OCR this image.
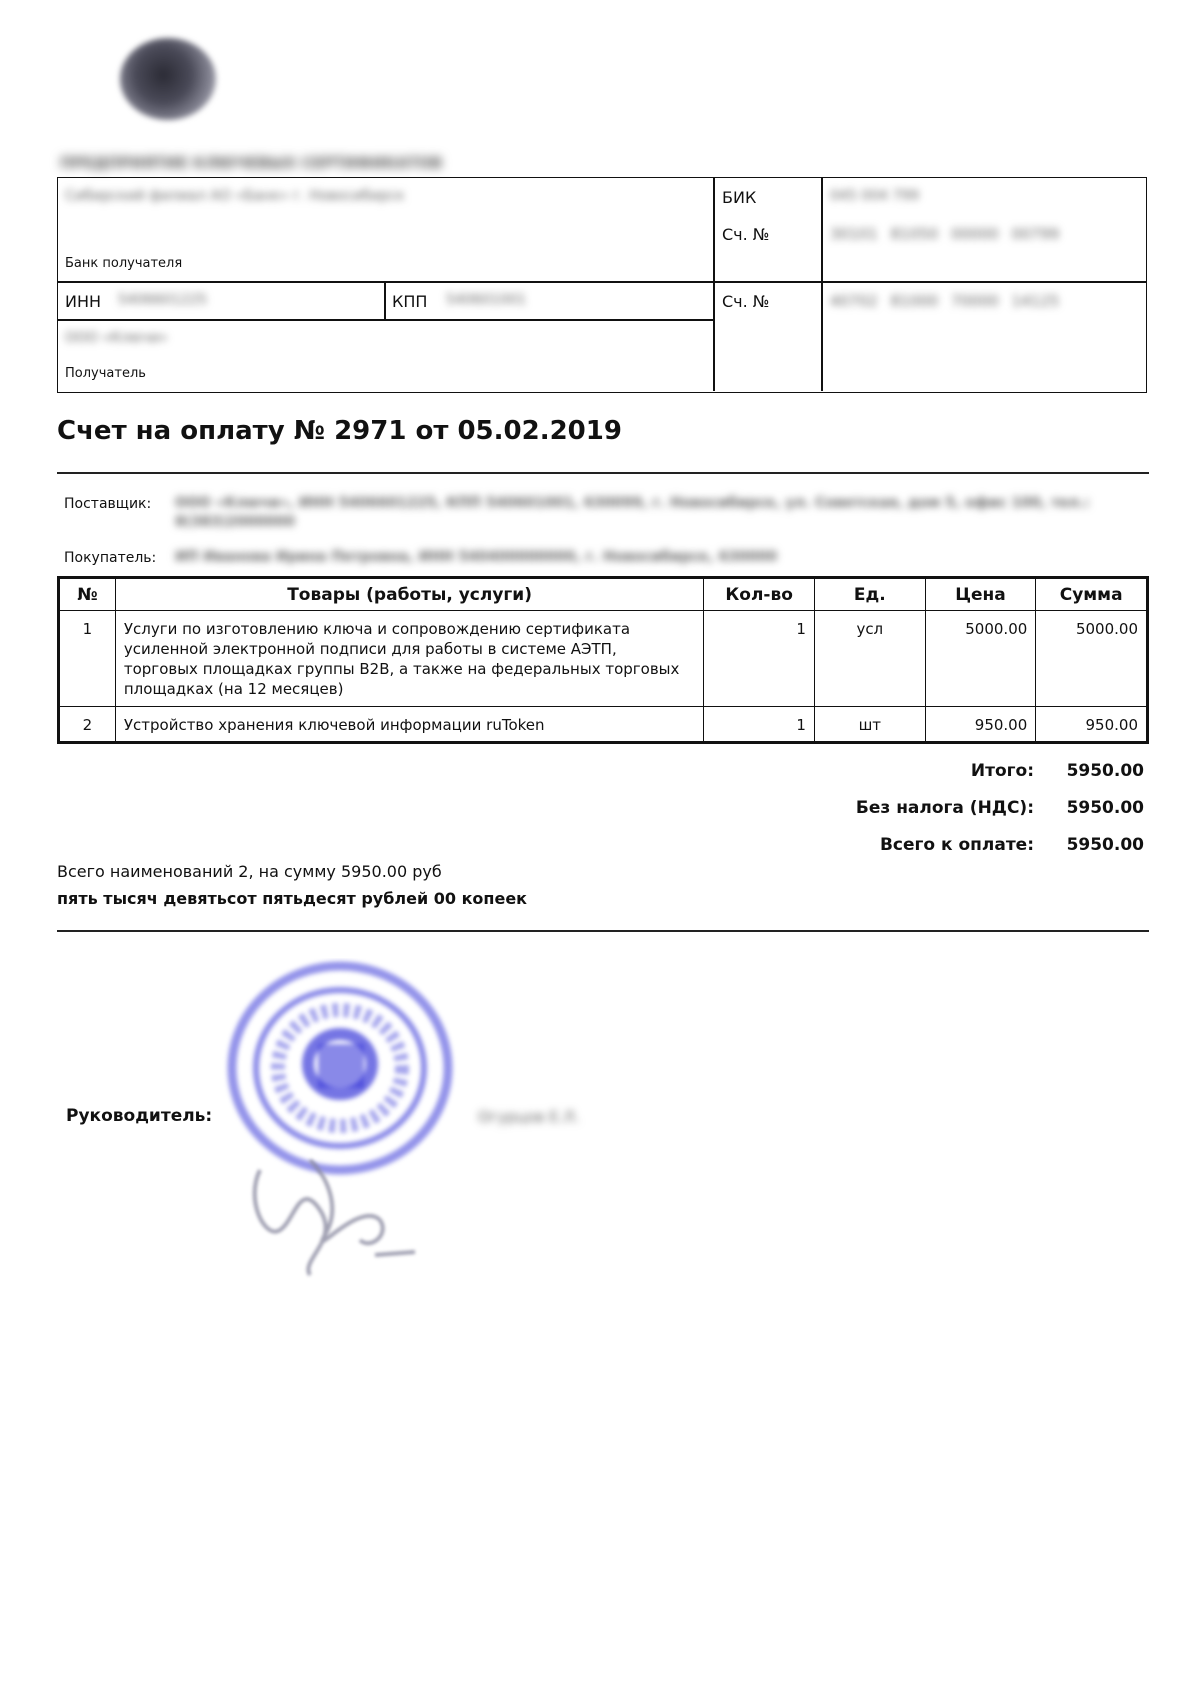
ПРЕДПРИЯТИЕ КЛЮЧЕВЫХ СЕРТИФИКАТОВ
Сибирский филиал АО «Банк» г. Новосибирск
Банк получателя
БИК	045 004 799
Сч. №	30101 81050 00000 00799
ИНН 5406601225	КПП 540601001
ООО «Ключи»
Получатель
Сч. №	40702 81000 70000 14125
Счет на оплату № 2971 от 05.02.2019
Поставщик: ООО «Ключи», ИНН 5406601225, КПП 540601001, 630099, г. Новосибирск, ул. Советская, дом 5, офис 100, тел.: 8(383)2000000
Покупатель: ИП Иванова Ирина Петровна, ИНН 540400000000, г. Новосибирск, 630000
№	Товары (работы, услуги)	Кол-во	Ед.	Цена	Сумма
1	Услуги по изготовлению ключа и сопровождению сертификата усиленной электронной подписи для работы в системе АЭТП, торговых площадках группы B2B, а также на федеральных торговых площадках (на 12 месяцев)	1	усл	5000.00	5000.00
2	Устройство хранения ключевой информации ruToken	1	шт	950.00	950.00
Итого:	5950.00
Без налога (НДС):	5950.00
Всего к оплате:	5950.00
Всего наименований 2, на сумму 5950.00 руб
пять тысяч девятьсот пятьдесят рублей 00 копеек
Руководитель:	Огурцов Е.Л.
